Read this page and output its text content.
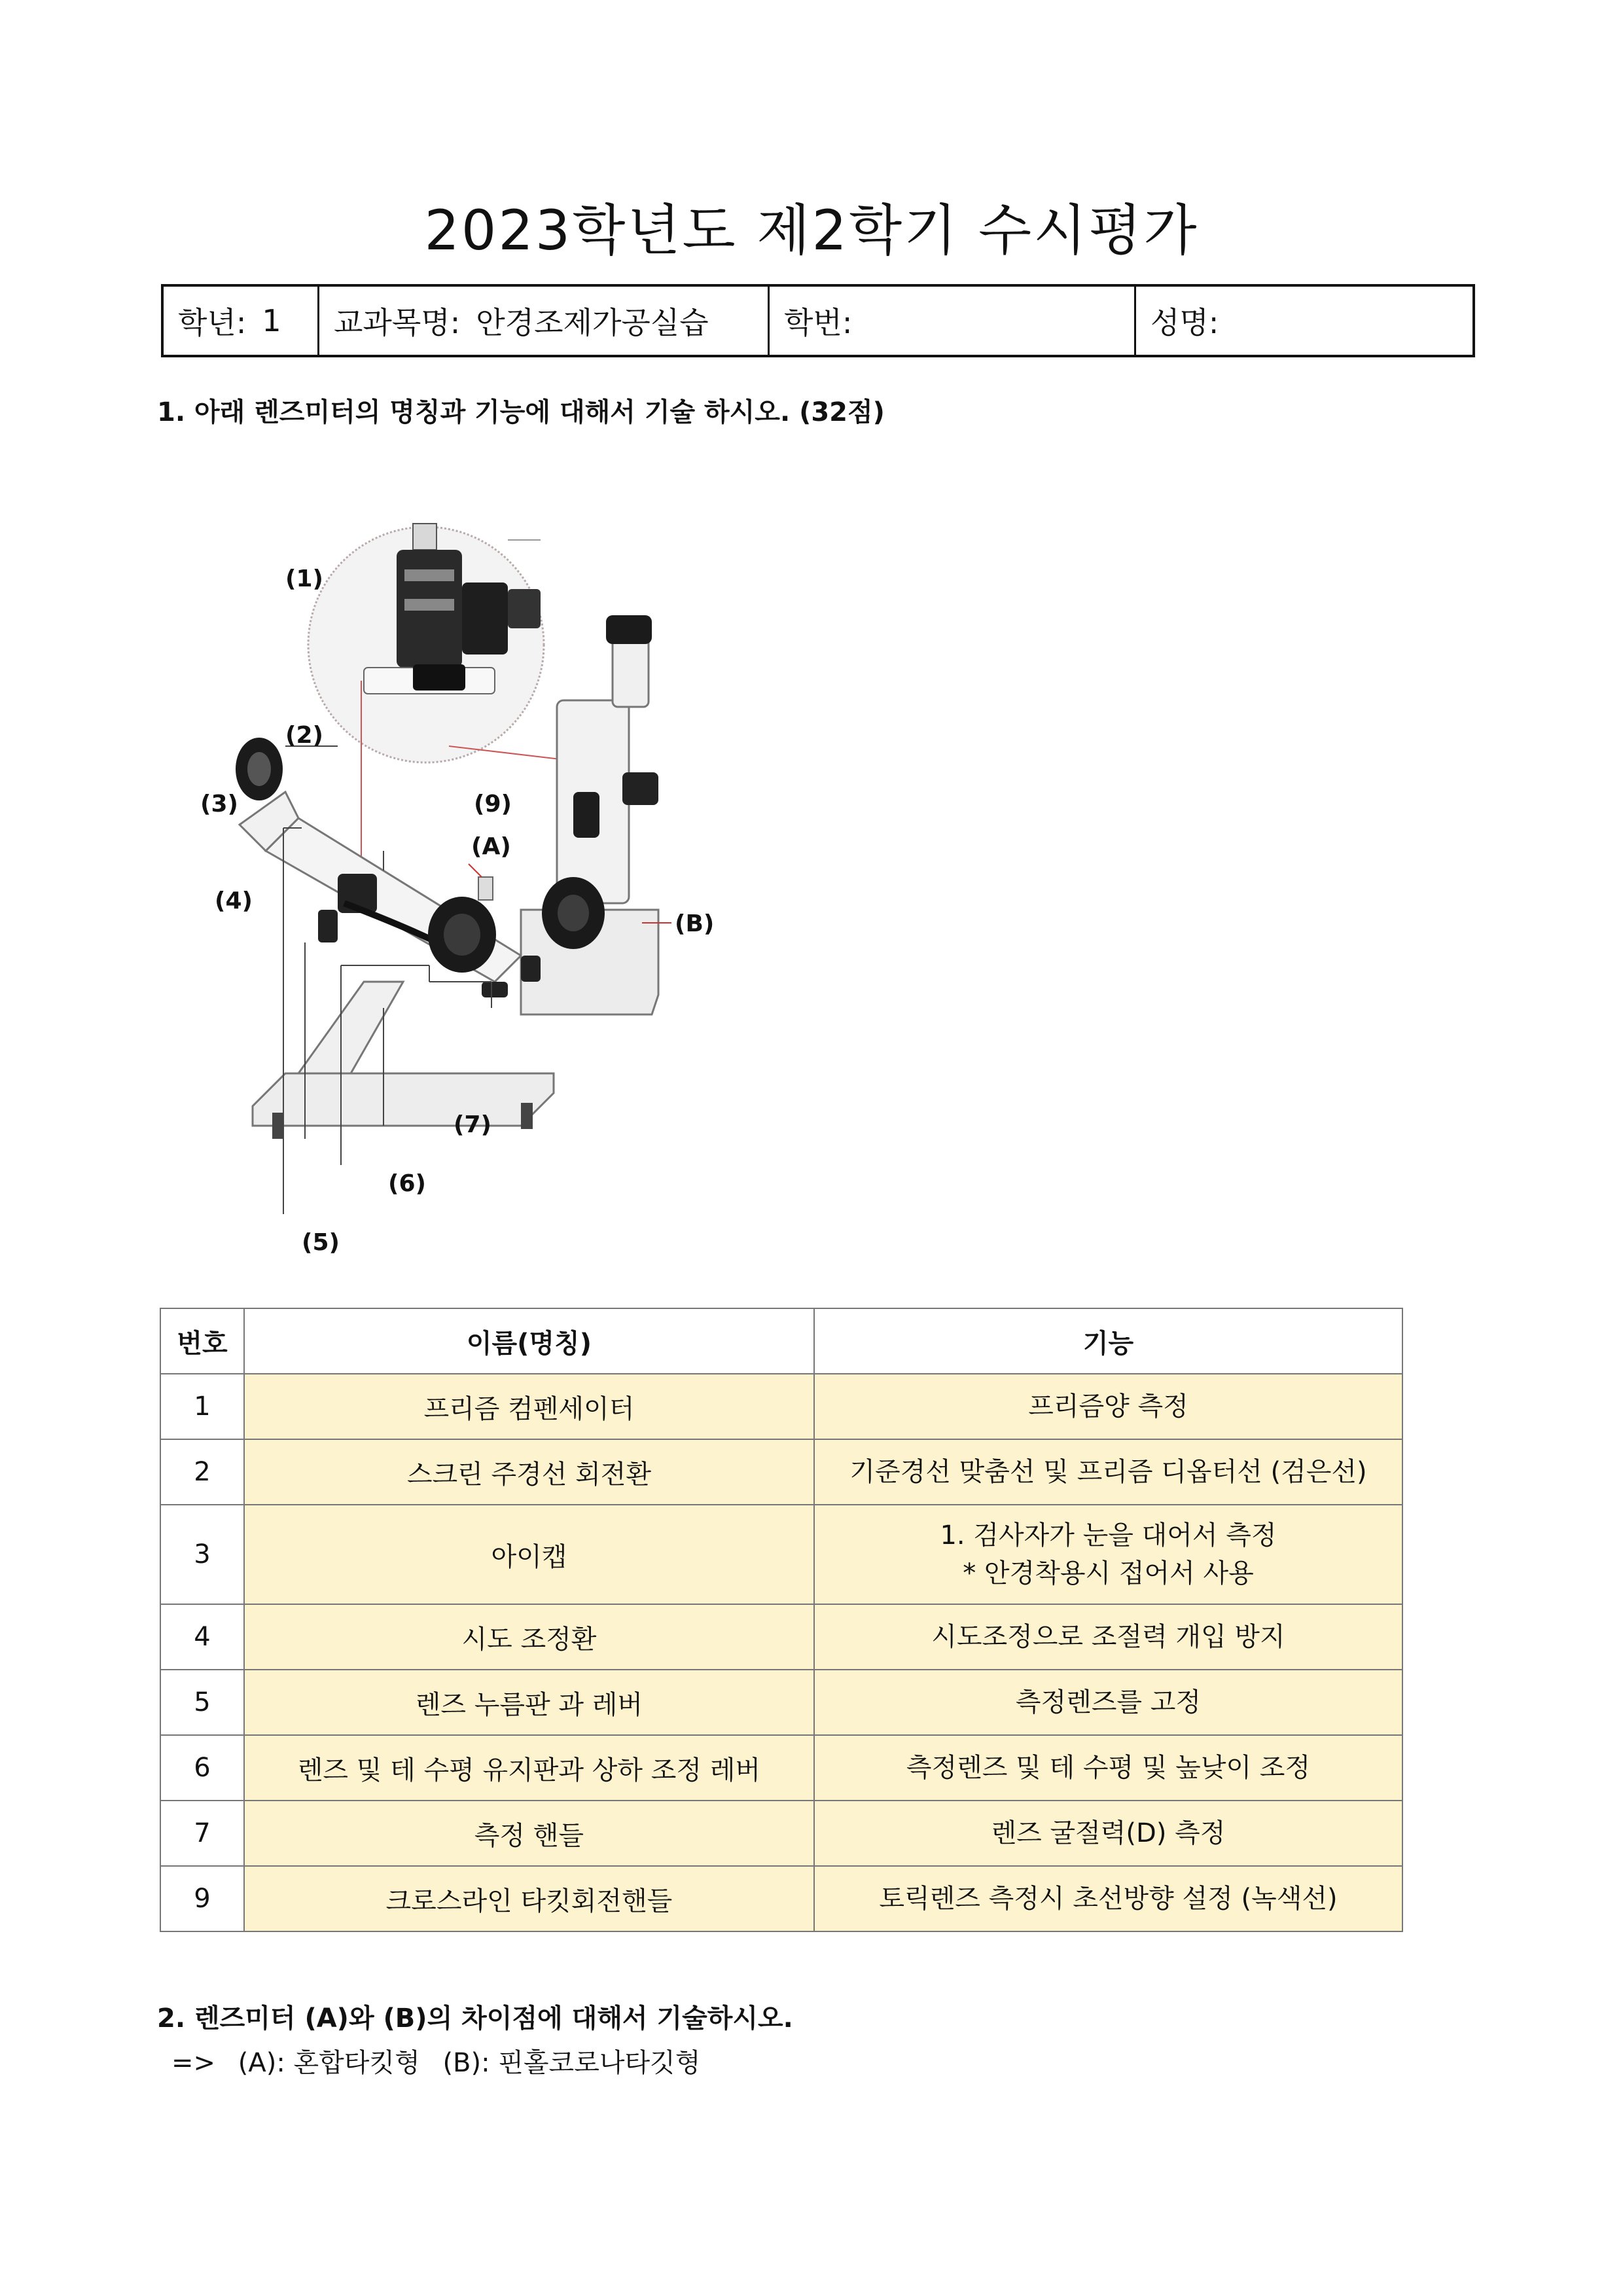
2023학년도 제2학기 수시평가
학년: 1 교과목명: 안경조제가공실습	학번:	성명:
1. 아래 렌즈미터의 명칭과 기능에 대해서 기술 하시오. (32점)
(1)
(2)
(3)
(4)
(5)
(6)
(7)
(9)
(A)
(B)
번호	이름(명칭)	기능
1	프리즘 컴펜세이터	프리즘양 측정

2	스크린 주경선 회전환	기준경선 맞춤선 및 프리즘 디옵터선 (검은선)

3	아이캡	1. 검사자가 눈을 대어서 측정
* 안경착용시 접어서 사용

4	시도 조정환	시도조정으로 조절력 개입 방지

5	렌즈 누름판 과 레버	측정렌즈를 고정

6	렌즈 및 테 수평 유지판과 상하 조정 레버	측정렌즈 및 테 수평 및 높낮이 조정

7	측정 핸들	렌즈 굴절력(D) 측정

9	크로스라인 타킷회전핸들	토릭렌즈 측정시 초선방향 설정 (녹색선)
2. 렌즈미터 (A)와 (B)의 차이점에 대해서 기술하시오.
=> (A): 혼합타킷형 (B): 핀홀코로나타깃형
